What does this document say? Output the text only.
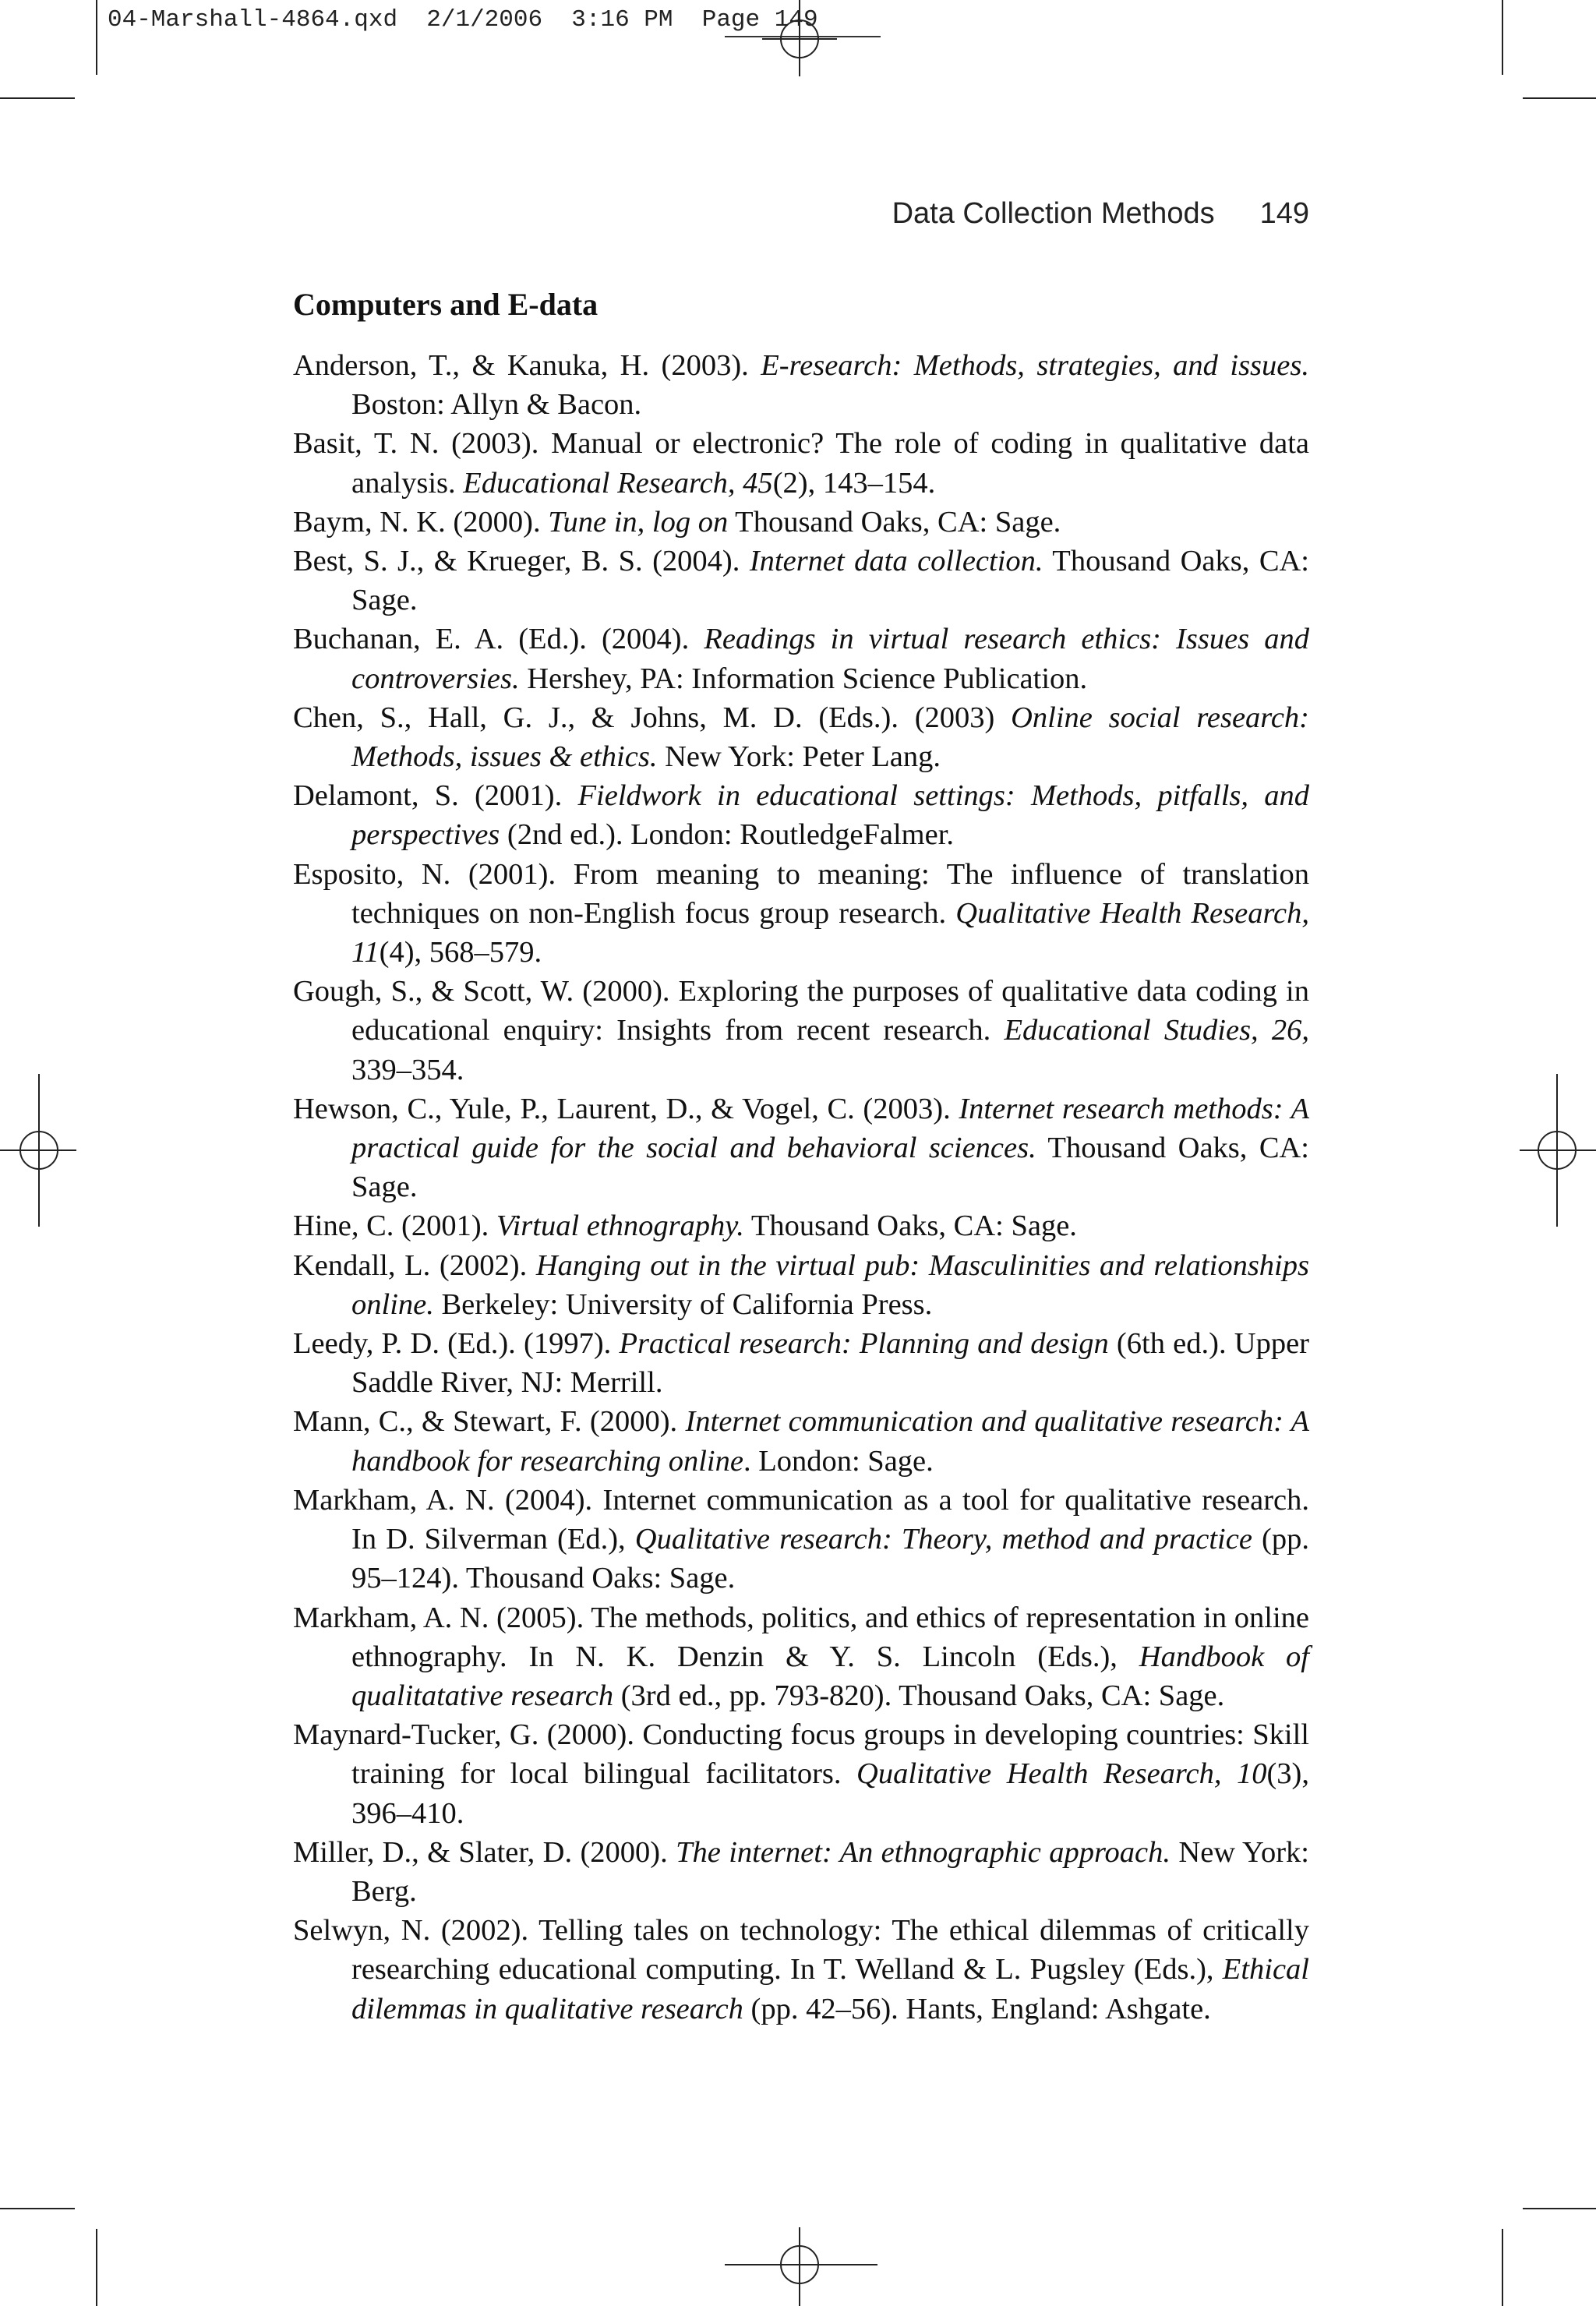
04-Marshall-4864.qxd  2/1/2006  3:16 PM  Page 149
Data Collection Methods 149
Computers and E-data
Anderson, T., & Kanuka, H. (2003). E-research: Methods, strategies, and issues. Boston: Allyn & Bacon.
Basit, T. N. (2003). Manual or electronic? The role of coding in qualitative data analysis. Educational Research, 45(2), 143–154.
Baym, N. K. (2000). Tune in, log on Thousand Oaks, CA: Sage.
Best, S. J., & Krueger, B. S. (2004). Internet data collection. Thousand Oaks, CA: Sage.
Buchanan, E. A. (Ed.). (2004). Readings in virtual research ethics: Issues and controversies. Hershey, PA: Information Science Publication.
Chen, S., Hall, G. J., & Johns, M. D. (Eds.). (2003) Online social research: Methods, issues & ethics. New York: Peter Lang.
Delamont, S. (2001). Fieldwork in educational settings: Methods, pitfalls, and perspectives (2nd ed.). London: RoutledgeFalmer.
Esposito, N. (2001). From meaning to meaning: The influence of translation techniques on non-English focus group research. Qualitative Health Research, 11(4), 568–579.
Gough, S., & Scott, W. (2000). Exploring the purposes of qualitative data coding in educational enquiry: Insights from recent research. Educational Studies, 26, 339–354.
Hewson, C., Yule, P., Laurent, D., & Vogel, C. (2003). Internet research methods: A practical guide for the social and behavioral sciences. Thousand Oaks, CA: Sage.
Hine, C. (2001). Virtual ethnography. Thousand Oaks, CA: Sage.
Kendall, L. (2002). Hanging out in the virtual pub: Masculinities and relationships online. Berkeley: University of California Press.
Leedy, P. D. (Ed.). (1997). Practical research: Planning and design (6th ed.). Upper Saddle River, NJ: Merrill.
Mann, C., & Stewart, F. (2000). Internet communication and qualitative research: A handbook for researching online. London: Sage.
Markham, A. N. (2004). Internet communication as a tool for qualitative research. In D. Silverman (Ed.), Qualitative research: Theory, method and practice (pp. 95–124). Thousand Oaks: Sage.
Markham, A. N. (2005). The methods, politics, and ethics of representation in online ethnography. In N. K. Denzin & Y. S. Lincoln (Eds.), Handbook of qualitatative research (3rd ed., pp. 793-820). Thousand Oaks, CA: Sage.
Maynard-Tucker, G. (2000). Conducting focus groups in developing countries: Skill training for local bilingual facilitators. Qualitative Health Research, 10(3), 396–410.
Miller, D., & Slater, D. (2000). The internet: An ethnographic approach. New York: Berg.
Selwyn, N. (2002). Telling tales on technology: The ethical dilemmas of critically researching educational computing. In T. Welland & L. Pugsley (Eds.), Ethical dilemmas in qualitative research (pp. 42–56). Hants, England: Ashgate.
